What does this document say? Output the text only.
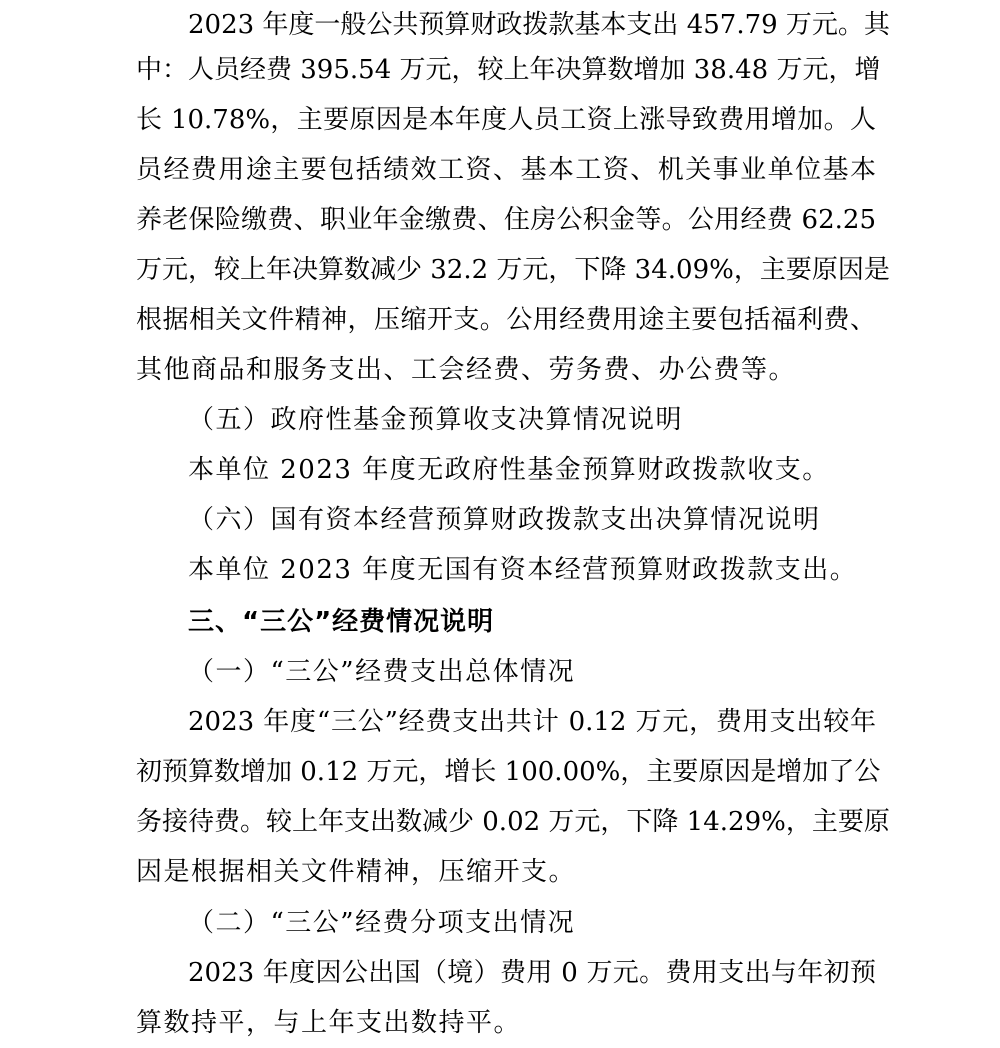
2023 年度一般公共预算财政拨款基本支出 457.79 万元。其
中：人员经费 395.54 万元，较上年决算数增加 38.48 万元，增
长 10.78%，主要原因是本年度人员工资上涨导致费用增加。人
员经费用途主要包括绩效工资、基本工资、机关事业单位基本
养老保险缴费、职业年金缴费、住房公积金等。公用经费 62.25
万元，较上年决算数减少 32.2 万元，下降 34.09%，主要原因是
根据相关文件精神，压缩开支。公用经费用途主要包括福利费、
其他商品和服务支出、工会经费、劳务费、办公费等。
（五）政府性基金预算收支决算情况说明
本单位 2023 年度无政府性基金预算财政拨款收支。
（六）国有资本经营预算财政拨款支出决算情况说明
本单位 2023 年度无国有资本经营预算财政拨款支出。
三、“三公”经费情况说明
（一）“三公”经费支出总体情况
2023 年度“三公”经费支出共计 0.12 万元，费用支出较年
初预算数增加 0.12 万元，增长 100.00%，主要原因是增加了公
务接待费。较上年支出数减少 0.02 万元，下降 14.29%，主要原
因是根据相关文件精神，压缩开支。
（二）“三公”经费分项支出情况
2023 年度因公出国（境）费用 0 万元。费用支出与年初预
算数持平，与上年支出数持平。
